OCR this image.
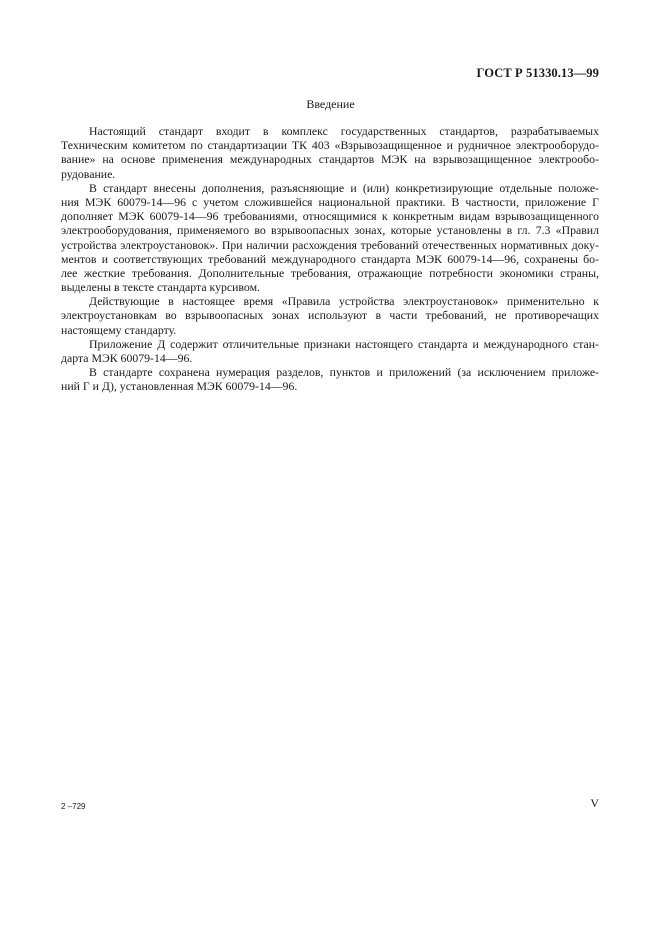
ГОСТ Р 51330.13—99
Введение
Настоящий стандарт входит в комплекс государственных стандартов, разрабатываемых
Техническим комитетом по стандартизации ТК 403 «Взрывозащищенное и рудничное электрооборудо-
вание» на основе применения международных стандартов МЭК на взрывозащищенное электрообо-
рудование.
В стандарт внесены дополнения, разъясняющие и (или) конкретизирующие отдельные положе-
ния МЭК 60079-14—96 с учетом сложившейся национальной практики. В частности, приложение Г
дополняет МЭК 60079-14—96 требованиями, относящимися к конкретным видам взрывозащищенного
электрооборудования, применяемого во взрывоопасных зонах, которые установлены в гл. 7.3 «Правил
устройства электроустановок». При наличии расхождения требований отечественных нормативных доку-
ментов и соответствующих требований международного стандарта МЭК 60079-14—96, сохранены бо-
лее жесткие требования. Дополнительные требования, отражающие потребности экономики страны,
выделены в тексте стандарта курсивом.
Действующие в настоящее время «Правила устройства электроустановок» применительно к
электроустановкам во взрывоопасных зонах используют в части требований, не противоречащих
настоящему стандарту.
Приложение Д содержит отличительные признаки настоящего стандарта и международного стан-
дарта МЭК 60079-14—96.
В стандарте сохранена нумерация разделов, пунктов и приложений (за исключением приложе-
ний Г и Д), установленная МЭК 60079-14—96.
2 –729	V
